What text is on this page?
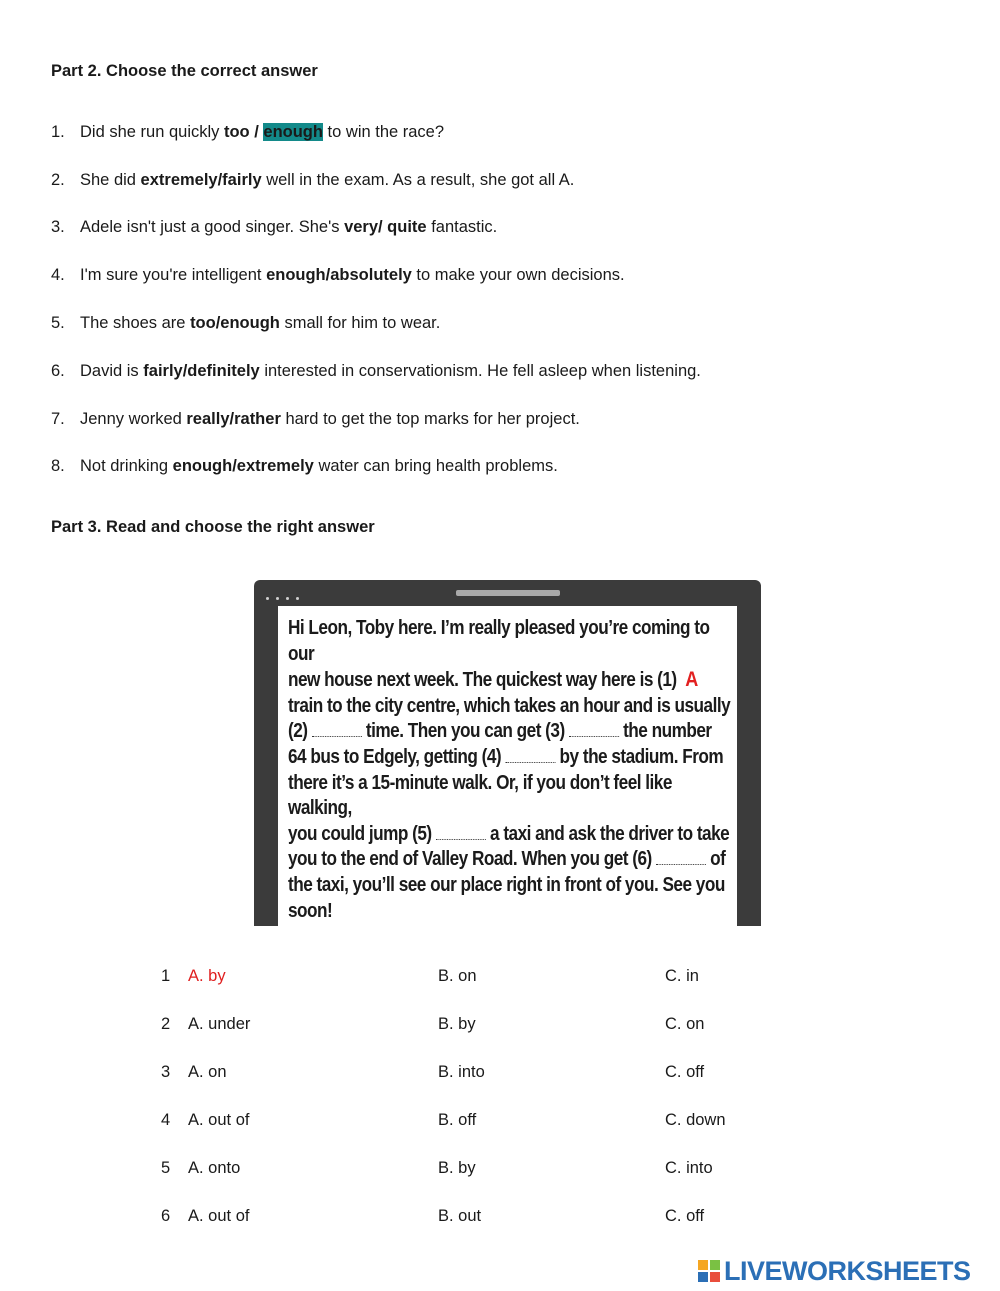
Part 2. Choose the correct answer
1. Did she run quickly too / enough to win the race?
2. She did extremely/fairly well in the exam. As a result, she got all A.
3. Adele isn't just a good singer. She's very/ quite fantastic.
4. I'm sure you're intelligent enough/absolutely to make your own decisions.
5. The shoes are too/enough small for him to wear.
6. David is fairly/definitely interested in conservationism. He fell asleep when listening.
7. Jenny worked really/rather hard to get the top marks for her project.
8. Not drinking enough/extremely water can bring health problems.
Part 3. Read and choose the right answer
Hi Leon, Toby here. I’m really pleased you’re coming to our
new house next week. The quickest way here is (1) A
train to the city centre, which takes an hour and is usually
(2)	time. Then you can get (3)	the number
64 bus to Edgely, getting (4)	by the stadium. From
there it’s a 15-minute walk. Or, if you don’t feel like walking,
you could jump (5)	a taxi and ask the driver to take
you to the end of Valley Road. When you get (6)	of
the taxi, you’ll see our place right in front of you. See you
soon!
1 A. by	B. on	C. in
2 A. under	B. by	C. on
3 A. on	B. into	C. off
4 A. out of	B. off	C. down
5 A. onto	B. by	C. into
6 A. out of	B. out	C. off
LIVEWORKSHEETS
